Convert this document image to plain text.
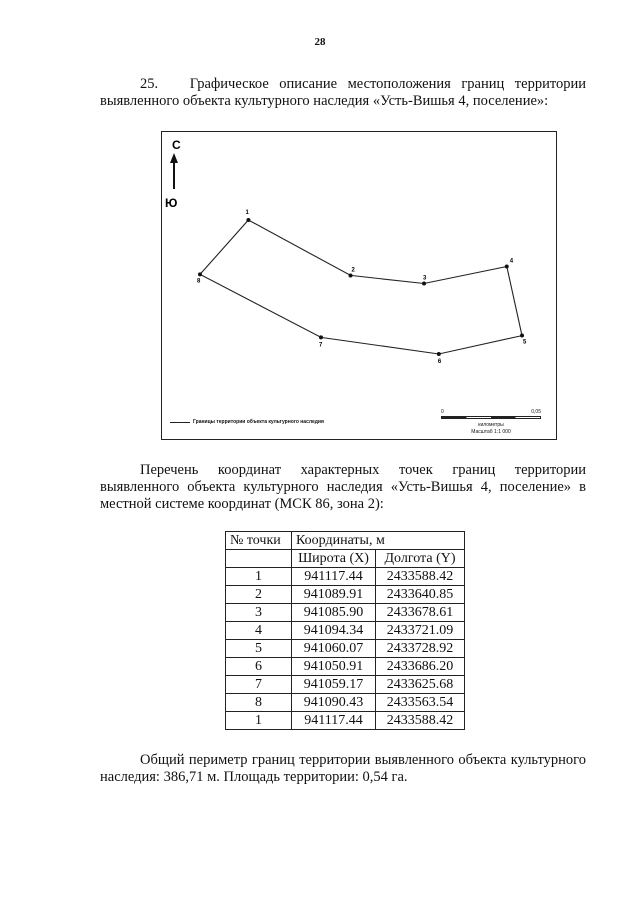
28
25. Графическое описание местоположения границ территории выявленного объекта культурного наследия «Усть-Вишья 4, поселение»:
С
Ю
1
2
3
4
5
6
7
8
Границы территории объекта культурного наследия
0	0,05
километры
Масштаб 1:1 000
Перечень координат характерных точек границ территории выявленного объекта культурного наследия «Усть-Вишья 4, поселение» в местной системе координат (МСК 86, зона 2):
№ точки	Координаты, м	
	Широта (X)	Долгота (Y)
1	941117.44	2433588.42
2	941089.91	2433640.85
3	941085.90	2433678.61
4	941094.34	2433721.09
5	941060.07	2433728.92
6	941050.91	2433686.20
7	941059.17	2433625.68
8	941090.43	2433563.54
1	941117.44	2433588.42
Общий периметр границ территории выявленного объекта культурного наследия: 386,71 м. Площадь территории: 0,54 га.
